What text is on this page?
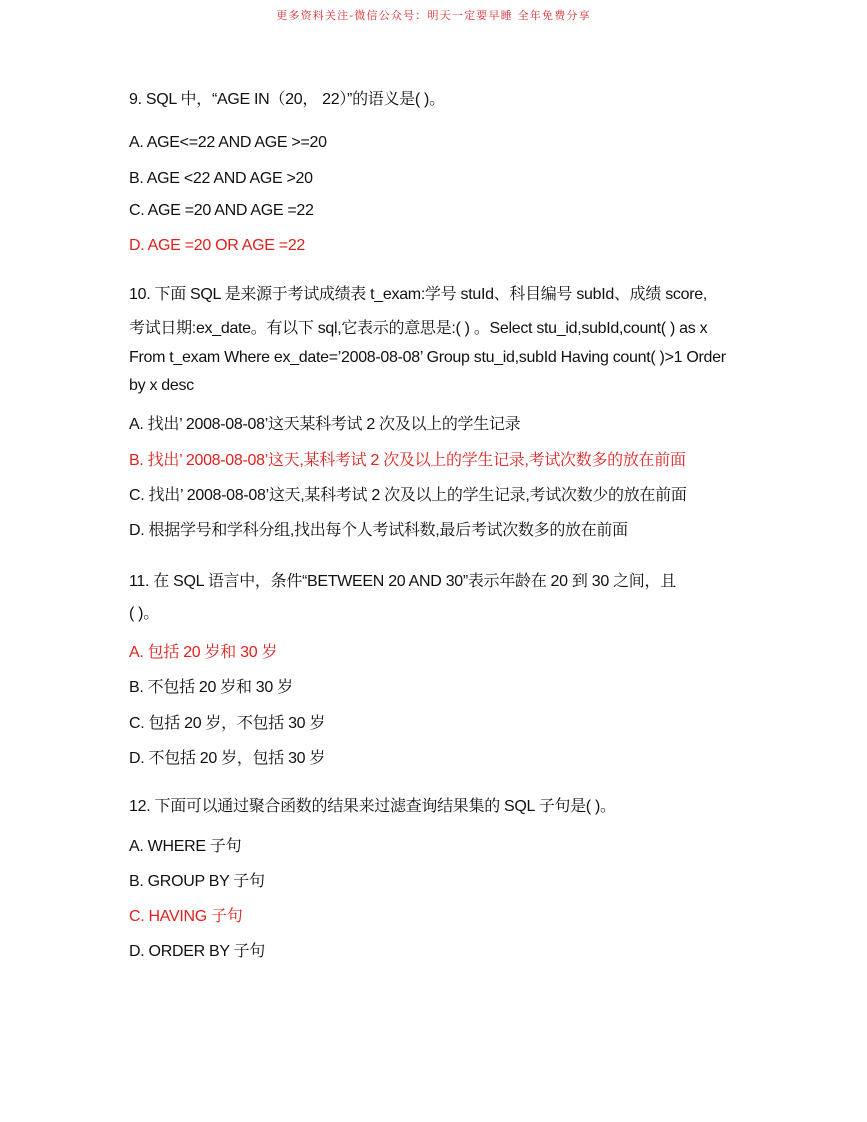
更多资料关注-微信公众号：明天一定要早睡 全年免费分享
9. SQL 中，“AGE IN（20， 22）”的语义是( )。
A. AGE<=22 AND AGE >=20
B. AGE <22 AND AGE >20
C. AGE =20 AND AGE =22
D. AGE =20 OR AGE =22
10. 下面 SQL 是来源于考试成绩表 t_exam:学号 stuId、科目编号 subId、成绩 score,
考试日期:ex_date。有以下 sql,它表示的意思是:( ) 。Select stu_id,subId,count( ) as x
From t_exam Where ex_date=’2008-08-08’ Group stu_id,subId Having count( )>1 Order
by x desc
A. 找出’ 2008-08-08’这天某科考试 2 次及以上的学生记录
B. 找出’ 2008-08-08’这天,某科考试 2 次及以上的学生记录,考试次数多的放在前面
C. 找出’ 2008-08-08’这天,某科考试 2 次及以上的学生记录,考试次数少的放在前面
D. 根据学号和学科分组,找出每个人考试科数,最后考试次数多的放在前面
11. 在 SQL 语言中，条件“BETWEEN 20 AND 30”表示年龄在 20 到 30 之间，且
( )。
A. 包括 20 岁和 30 岁
B. 不包括 20 岁和 30 岁
C. 包括 20 岁，不包括 30 岁
D. 不包括 20 岁，包括 30 岁
12. 下面可以通过聚合函数的结果来过滤查询结果集的 SQL 子句是( )。
A. WHERE 子句
B. GROUP BY 子句
C. HAVING 子句
D. ORDER BY 子句
